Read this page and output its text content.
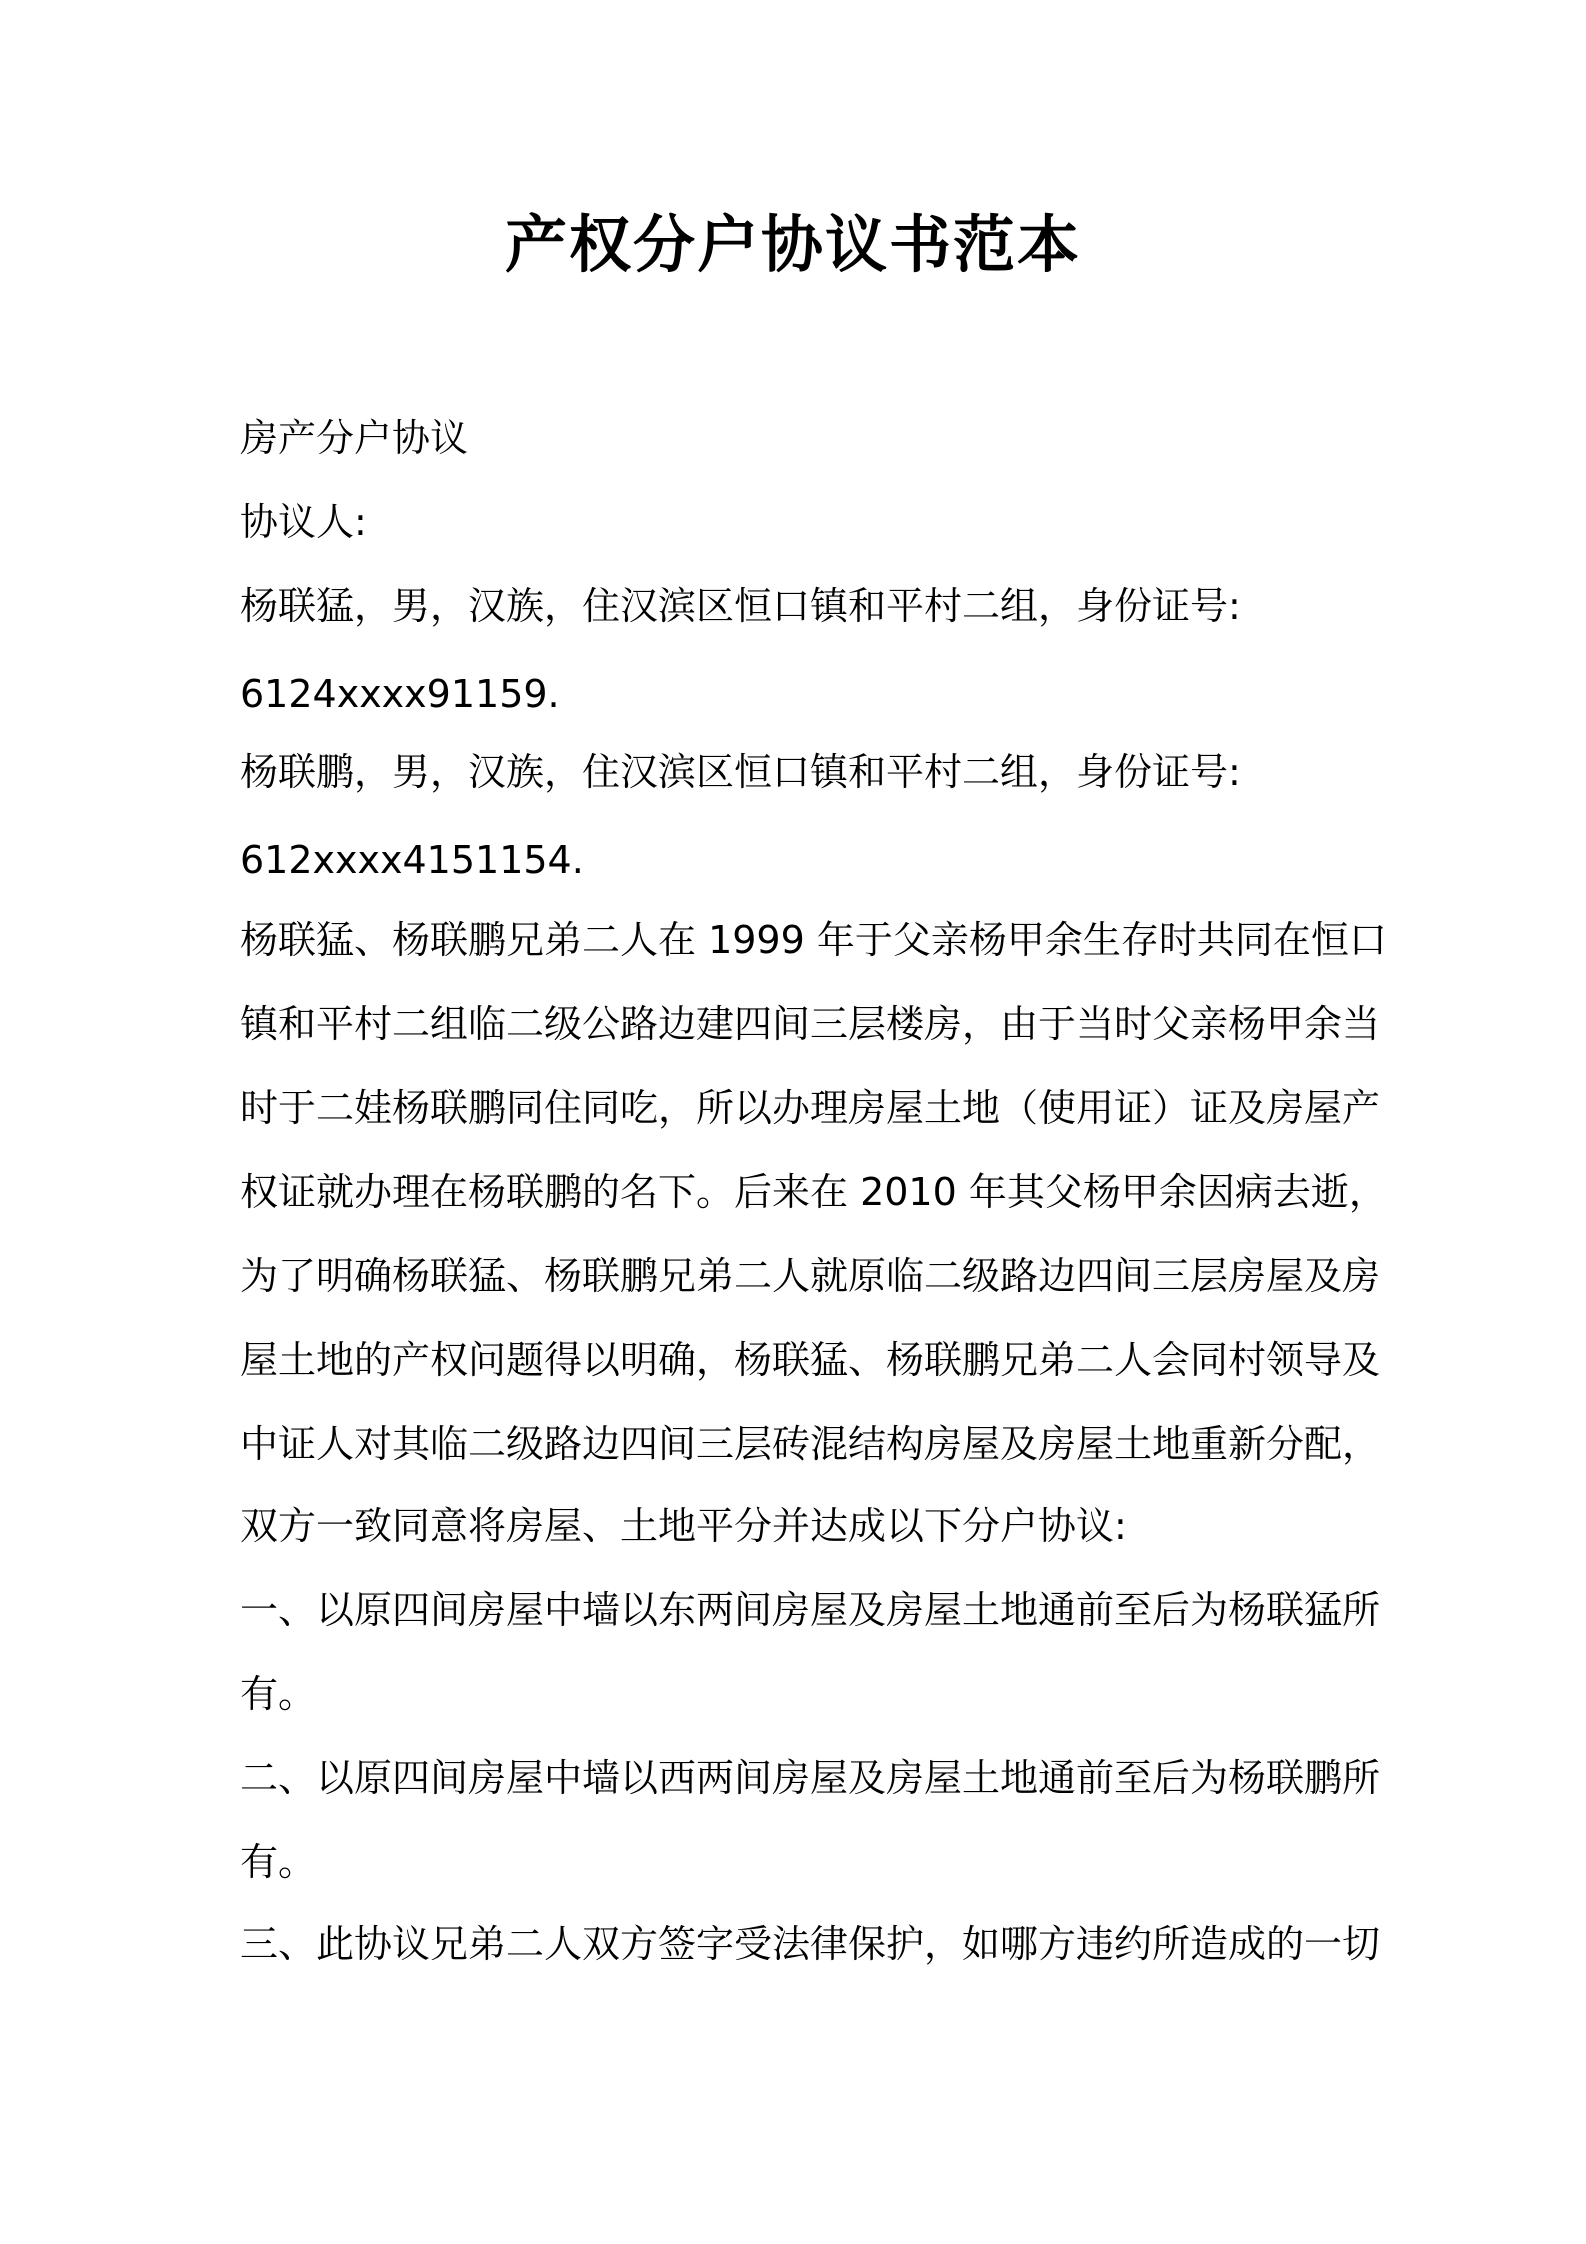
产权分户协议书范本
房产分户协议
协议人:
杨联猛，男，汉族，住汉滨区恒口镇和平村二组，身份证号:
6124xxxx91159.
杨联鹏，男，汉族，住汉滨区恒口镇和平村二组，身份证号:
612xxxx4151154.
杨联猛、杨联鹏兄弟二人在 1999 年于父亲杨甲余生存时共同在恒口
镇和平村二组临二级公路边建四间三层楼房，由于当时父亲杨甲余当
时于二娃杨联鹏同住同吃，所以办理房屋土地（使用证）证及房屋产
权证就办理在杨联鹏的名下。后来在 2010 年其父杨甲余因病去逝，
为了明确杨联猛、杨联鹏兄弟二人就原临二级路边四间三层房屋及房
屋土地的产权问题得以明确，杨联猛、杨联鹏兄弟二人会同村领导及
中证人对其临二级路边四间三层砖混结构房屋及房屋土地重新分配，
双方一致同意将房屋、土地平分并达成以下分户协议:
一、以原四间房屋中墙以东两间房屋及房屋土地通前至后为杨联猛所
有。
二、以原四间房屋中墙以西两间房屋及房屋土地通前至后为杨联鹏所
有。
三、此协议兄弟二人双方签字受法律保护，如哪方违约所造成的一切
